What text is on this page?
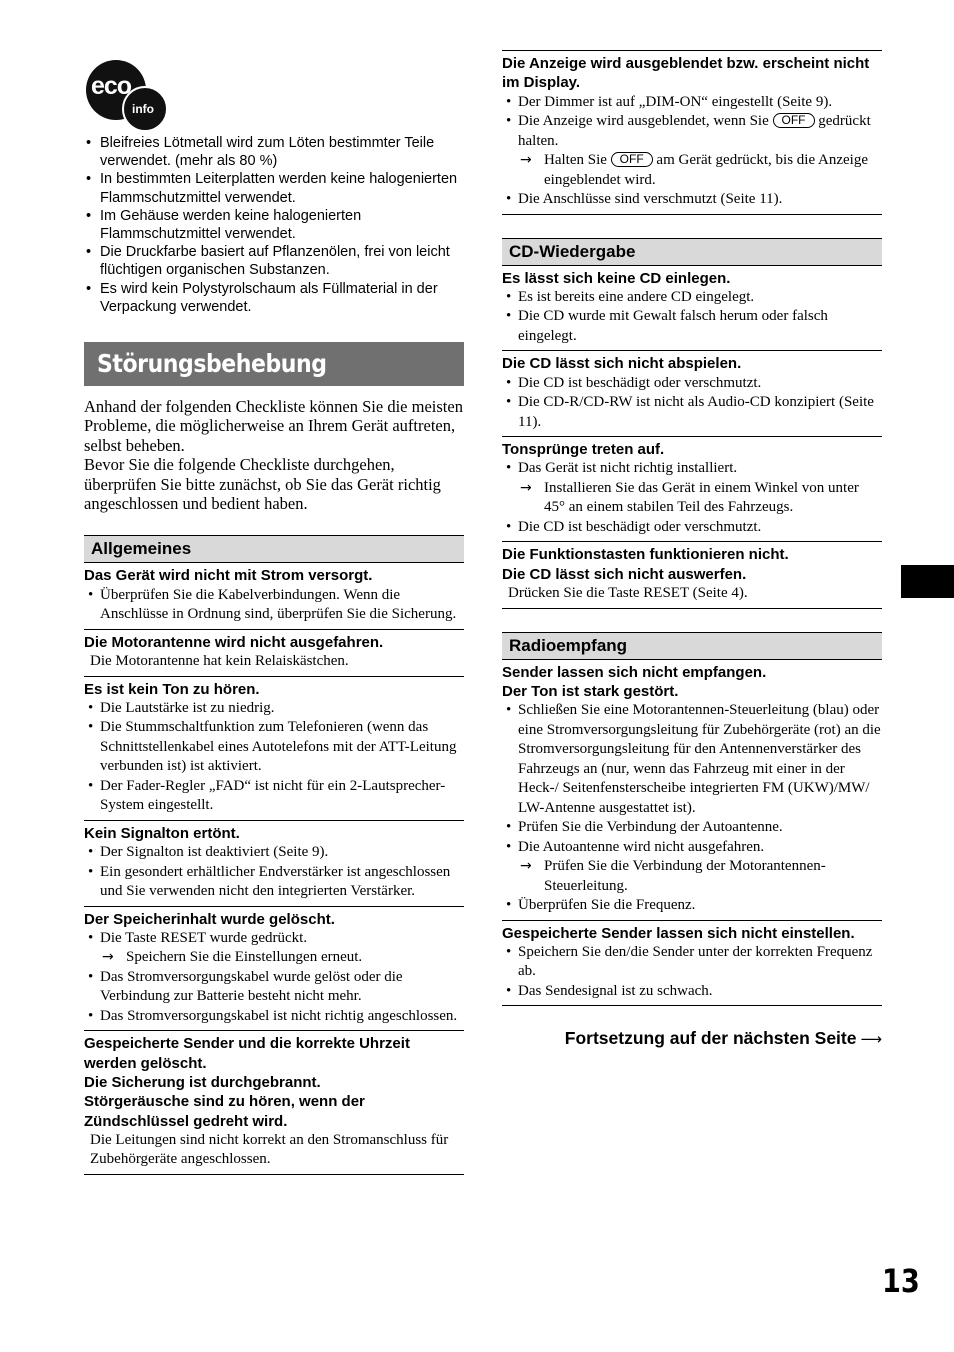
eco
info
• Bleifreies Lötmetall wird zum Löten bestimmter Teile verwendet. (mehr als 80 %)
• In bestimmten Leiterplatten werden keine halogenierten Flammschutzmittel verwendet.
• Im Gehäuse werden keine halogenierten Flammschutzmittel verwendet.
• Die Druckfarbe basiert auf Pflanzenölen, frei von leicht flüchtigen organischen Substanzen.
• Es wird kein Polystyrolschaum als Füllmaterial in der Verpackung verwendet.
Störungsbehebung

Anhand der folgenden Checkliste können Sie die meisten Probleme, die möglicherweise an Ihrem Gerät auftreten, selbst beheben.

Bevor Sie die folgende Checkliste durchgehen, überprüfen Sie bitte zunächst, ob Sie das Gerät richtig angeschlossen und bedient haben.

Allgemeines
Das Gerät wird nicht mit Strom versorgt.
• Überprüfen Sie die Kabelverbindungen. Wenn die Anschlüsse in Ordnung sind, überprüfen Sie die Sicherung.
Die Motorantenne wird nicht ausgefahren.
Die Motorantenne hat kein Relaiskästchen.
Es ist kein Ton zu hören.
• Die Lautstärke ist zu niedrig.
• Die Stummschaltfunktion zum Telefonieren (wenn das Schnittstellenkabel eines Autotelefons mit der ATT-Leitung verbunden ist) ist aktiviert.
• Der Fader-Regler „FAD“ ist nicht für ein 2-Lautsprecher-System eingestellt.
Kein Signalton ertönt.
• Der Signalton ist deaktiviert (Seite 9).
• Ein gesondert erhältlicher Endverstärker ist angeschlossen und Sie verwenden nicht den integrierten Verstärker.
Der Speicherinhalt wurde gelöscht.
• Die Taste RESET wurde gedrückt.
→ Speichern Sie die Einstellungen erneut.
• Das Stromversorgungskabel wurde gelöst oder die Verbindung zur Batterie besteht nicht mehr.
• Das Stromversorgungskabel ist nicht richtig angeschlossen.
Gespeicherte Sender und die korrekte Uhrzeit werden gelöscht.
Die Sicherung ist durchgebrannt.
Störgeräusche sind zu hören, wenn der Zündschlüssel gedreht wird.
Die Leitungen sind nicht korrekt an den Stromanschluss für Zubehörgeräte angeschlossen.
Die Anzeige wird ausgeblendet bzw. erscheint nicht im Display.
• Der Dimmer ist auf „DIM-ON“ eingestellt (Seite 9).
• Die Anzeige wird ausgeblendet, wenn Sie OFF gedrückt halten.
→ Halten Sie OFF am Gerät gedrückt, bis die Anzeige eingeblendet wird.
• Die Anschlüsse sind verschmutzt (Seite 11).
CD-Wiedergabe
Es lässt sich keine CD einlegen.
• Es ist bereits eine andere CD eingelegt.
• Die CD wurde mit Gewalt falsch herum oder falsch eingelegt.
Die CD lässt sich nicht abspielen.
• Die CD ist beschädigt oder verschmutzt.
• Die CD-R/CD-RW ist nicht als Audio-CD konzipiert (Seite 11).
Tonsprünge treten auf.
• Das Gerät ist nicht richtig installiert.
→ Installieren Sie das Gerät in einem Winkel von unter 45° an einem stabilen Teil des Fahrzeugs.
• Die CD ist beschädigt oder verschmutzt.
Die Funktionstasten funktionieren nicht.
Die CD lässt sich nicht auswerfen.
Drücken Sie die Taste RESET (Seite 4).
Radioempfang
Sender lassen sich nicht empfangen.
Der Ton ist stark gestört.
• Schließen Sie eine Motorantennen-Steuerleitung (blau) oder eine Stromversorgungsleitung für Zubehörgeräte (rot) an die Stromversorgungsleitung für den Antennenverstärker des Fahrzeugs an (nur, wenn das Fahrzeug mit einer in der Heck-/ Seitenfensterscheibe integrierten FM (UKW)/MW/ LW-Antenne ausgestattet ist).
• Prüfen Sie die Verbindung der Autoantenne.
• Die Autoantenne wird nicht ausgefahren.
→ Prüfen Sie die Verbindung der Motorantennen-Steuerleitung.
• Überprüfen Sie die Frequenz.
Gespeicherte Sender lassen sich nicht einstellen.
• Speichern Sie den/die Sender unter der korrekten Frequenz ab.
• Das Sendesignal ist zu schwach.
Fortsetzung auf der nächsten Seite ⟶
13
